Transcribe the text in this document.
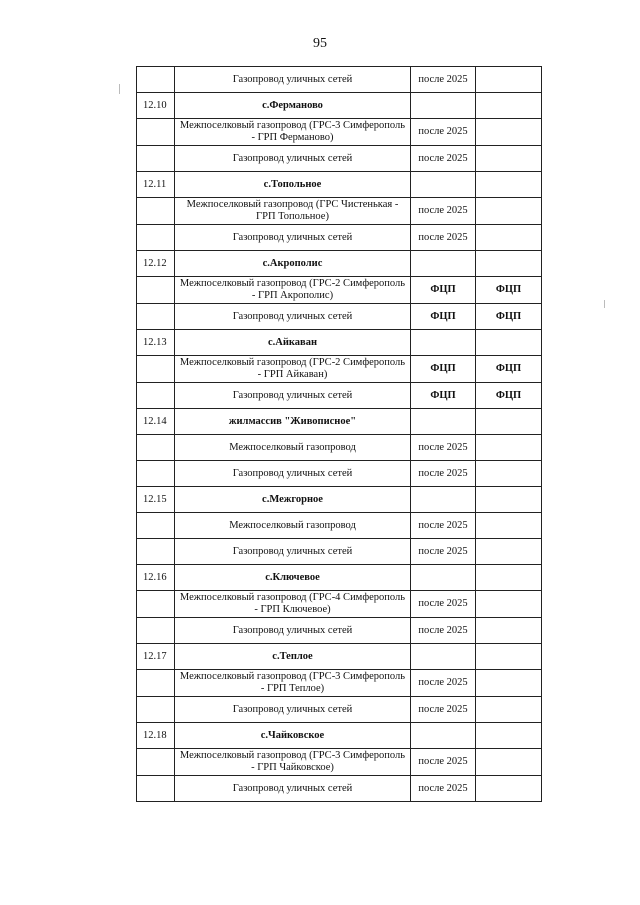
95
	Газопровод уличных сетей	после 2025	
12.10	с.Ферманово		
	Межпоселковый газопровод (ГРС-3 Симферополь - ГРП Ферманово)	после 2025	
	Газопровод уличных сетей	после 2025	
12.11	с.Топольное		
	Межпоселковый газопровод (ГРС Чистенькая - ГРП Топольное)	после 2025	
	Газопровод уличных сетей	после 2025	
12.12	с.Акрополис		
	Межпоселковый газопровод (ГРС-2 Симферополь - ГРП Акрополис)	ФЦП	ФЦП
	Газопровод уличных сетей	ФЦП	ФЦП
12.13	с.Айкаван		
	Межпоселковый газопровод (ГРС-2 Симферополь - ГРП Айкаван)	ФЦП	ФЦП
	Газопровод уличных сетей	ФЦП	ФЦП
12.14	жилмассив "Живописное"		
	Межпоселковый газопровод	после 2025	
	Газопровод уличных сетей	после 2025	
12.15	с.Межгорное		
	Межпоселковый газопровод	после 2025	
	Газопровод уличных сетей	после 2025	
12.16	с.Ключевое		
	Межпоселковый газопровод (ГРС-4 Симферополь - ГРП Ключевое)	после 2025	
	Газопровод уличных сетей	после 2025	
12.17	с.Теплое		
	Межпоселковый газопровод (ГРС-3 Симферополь - ГРП Теплое)	после 2025	
	Газопровод уличных сетей	после 2025	
12.18	с.Чайковское		
	Межпоселковый газопровод (ГРС-3 Симферополь - ГРП Чайковское)	после 2025	
	Газопровод уличных сетей	после 2025	
